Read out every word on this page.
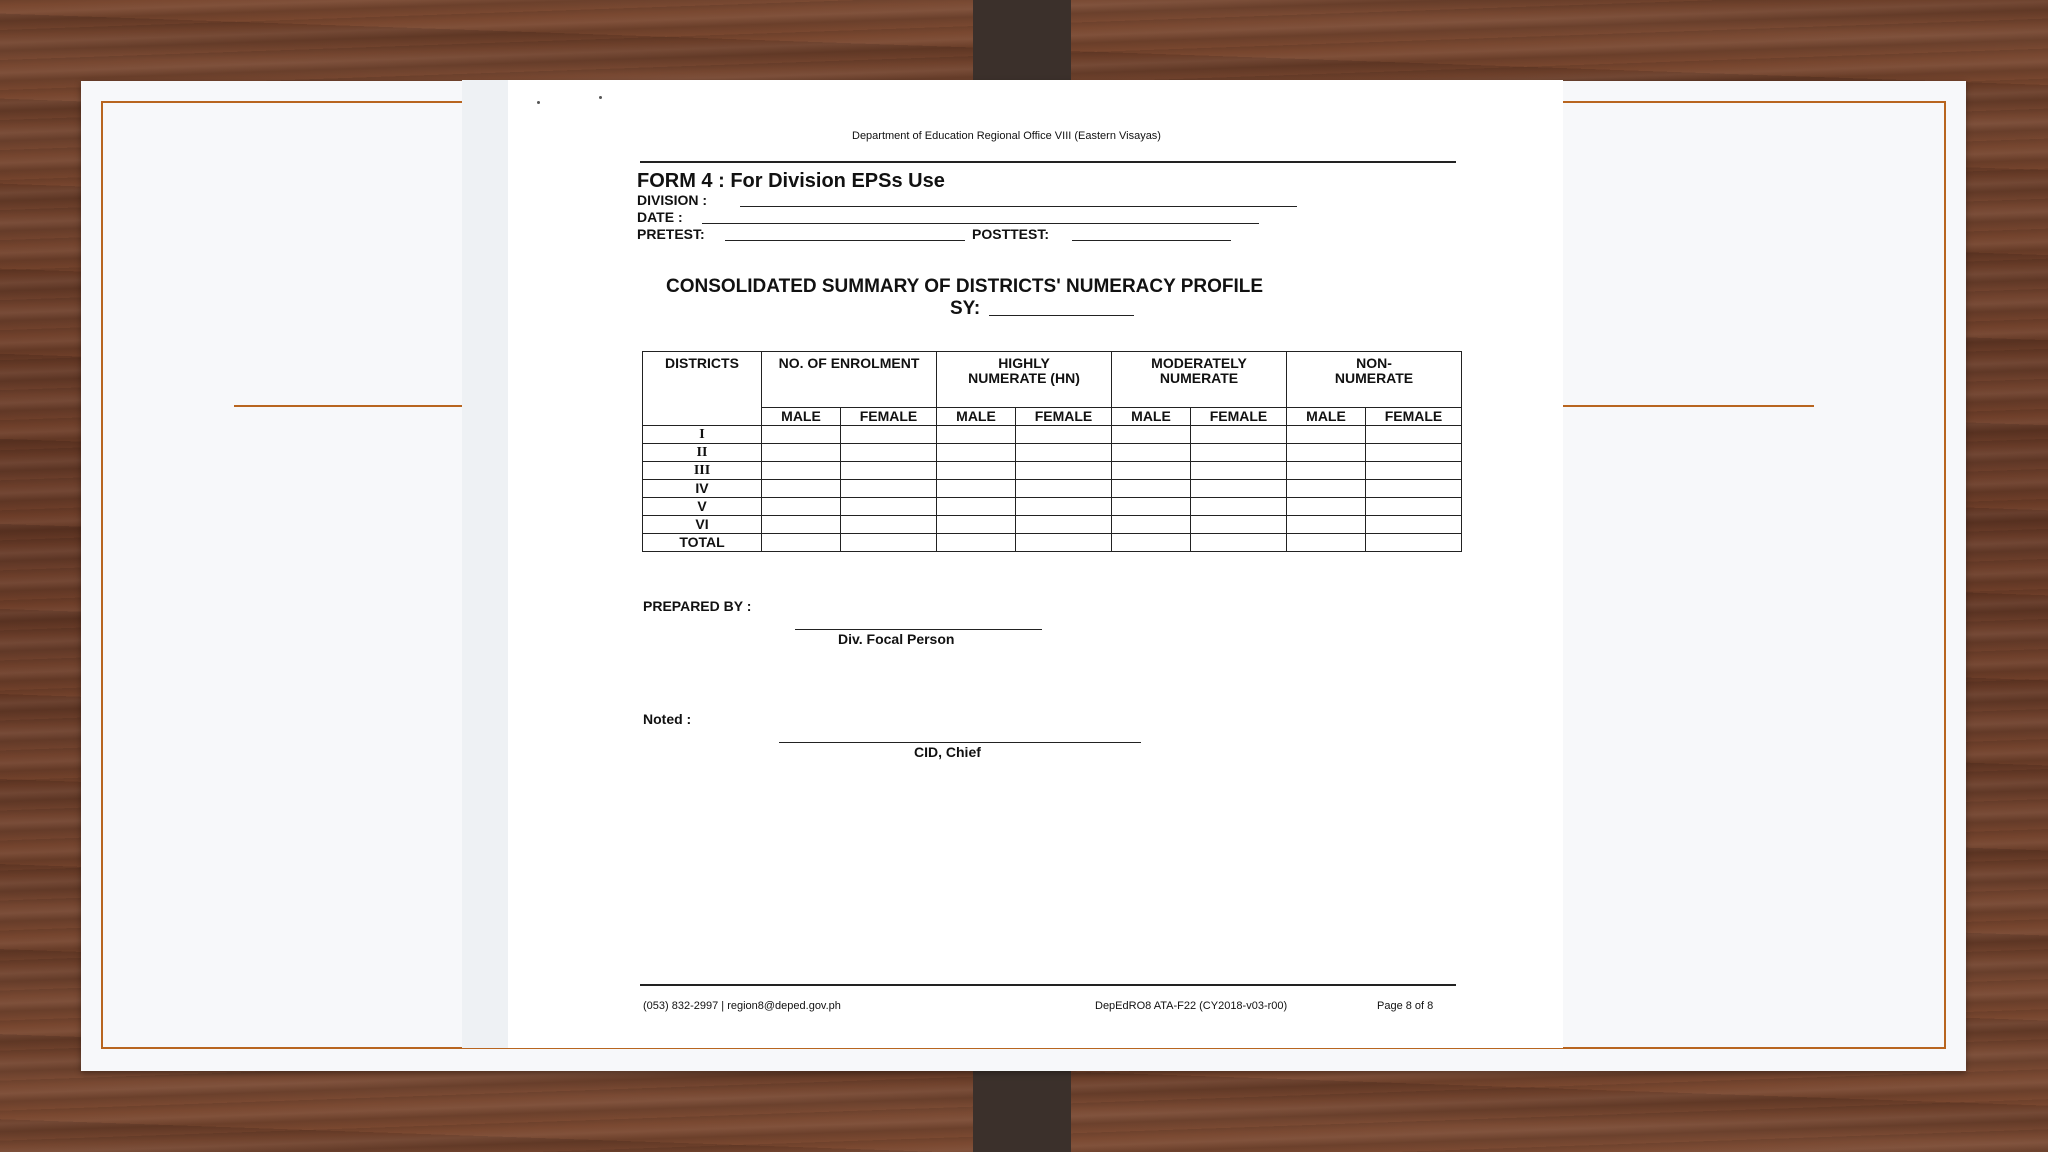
Department of Education Regional Office VIII (Eastern Visayas)
FORM 4 : For Division EPSs Use
DIVISION :
DATE :
PRETEST:	POSTTEST:
CONSOLIDATED SUMMARY OF DISTRICTS' NUMERACY PROFILE
SY:
DISTRICTS	NO. OF ENROLMENT		HIGHLY NUMERATE (HN)		MODERATELY NUMERATE		NON-NUMERATE	
	MALE	FEMALE	MALE	FEMALE	MALE	FEMALE	MALE	FEMALE
I								
II								
III								
IV								
V								
VI								
TOTAL								
PREPARED BY :
Div. Focal Person
Noted :
CID, Chief
(053) 832-2997 | region8@deped.gov.ph	DepEdRO8 ATA-F22 (CY2018-v03-r00)	Page 8 of 8
